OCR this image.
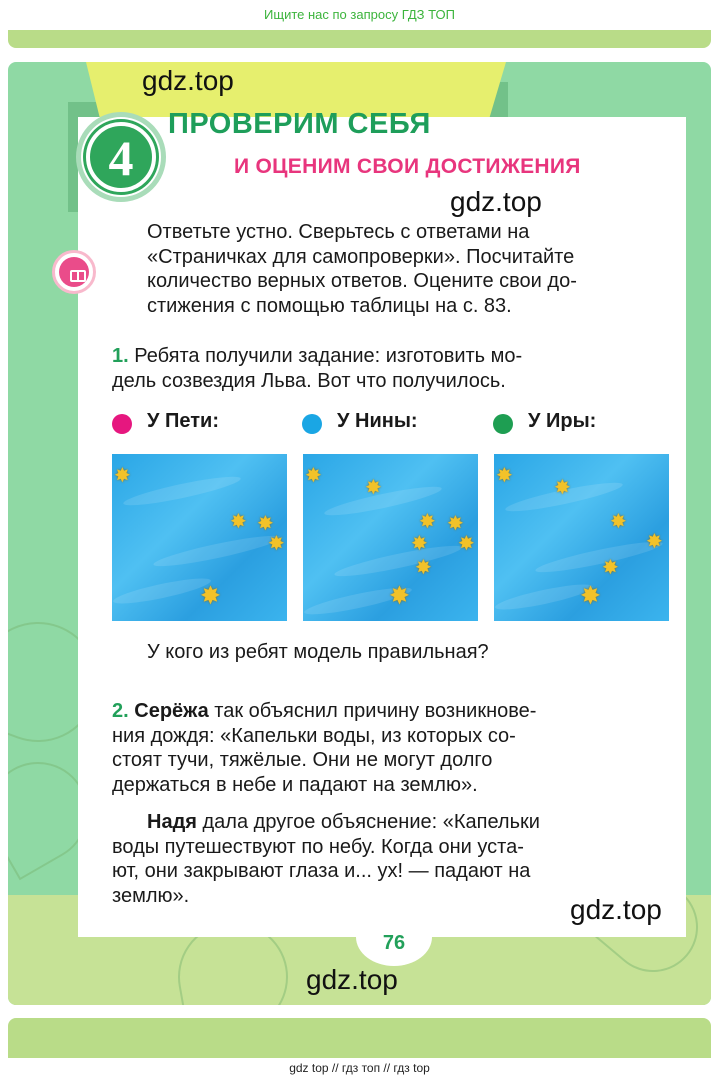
Ищите нас по запросу ГДЗ ТОП
ПРОВЕРИМ СЕБЯ
И ОЦЕНИМ СВОИ ДОСТИЖЕНИЯ
4
gdz.top
gdz.top
Ответьте устно. Сверьтесь с ответами на
«Страничках для самопроверки». Посчитайте
количество верных ответов. Оцените свои до-
стижения с помощью таблицы на с. 83.
1. Ребята получили задание: изготовить мо-
дель созвездия Льва. Вот что получилось.
У Пети:	У Нины:	У Иры:
✸
✸ ✸
✸
✸
✸
✸
✸ ✸
✸ ✸
✸
✸
✸
✸
✸
✸
✸
✸
У кого из ребят модель правильная?
2. Серёжа так объяснил причину возникнове-
ния дождя: «Капельки воды, из которых со-
стоят тучи, тяжёлые. Они не могут долго
держаться в небе и падают на землю».
Надя дала другое объяснение: «Капельки
воды путешествуют по небу. Когда они уста-
ют, они закрывают глаза и... ух! — падают на
землю».	gdz.top
76
gdz.top
gdz top // гдз топ // гдз top
